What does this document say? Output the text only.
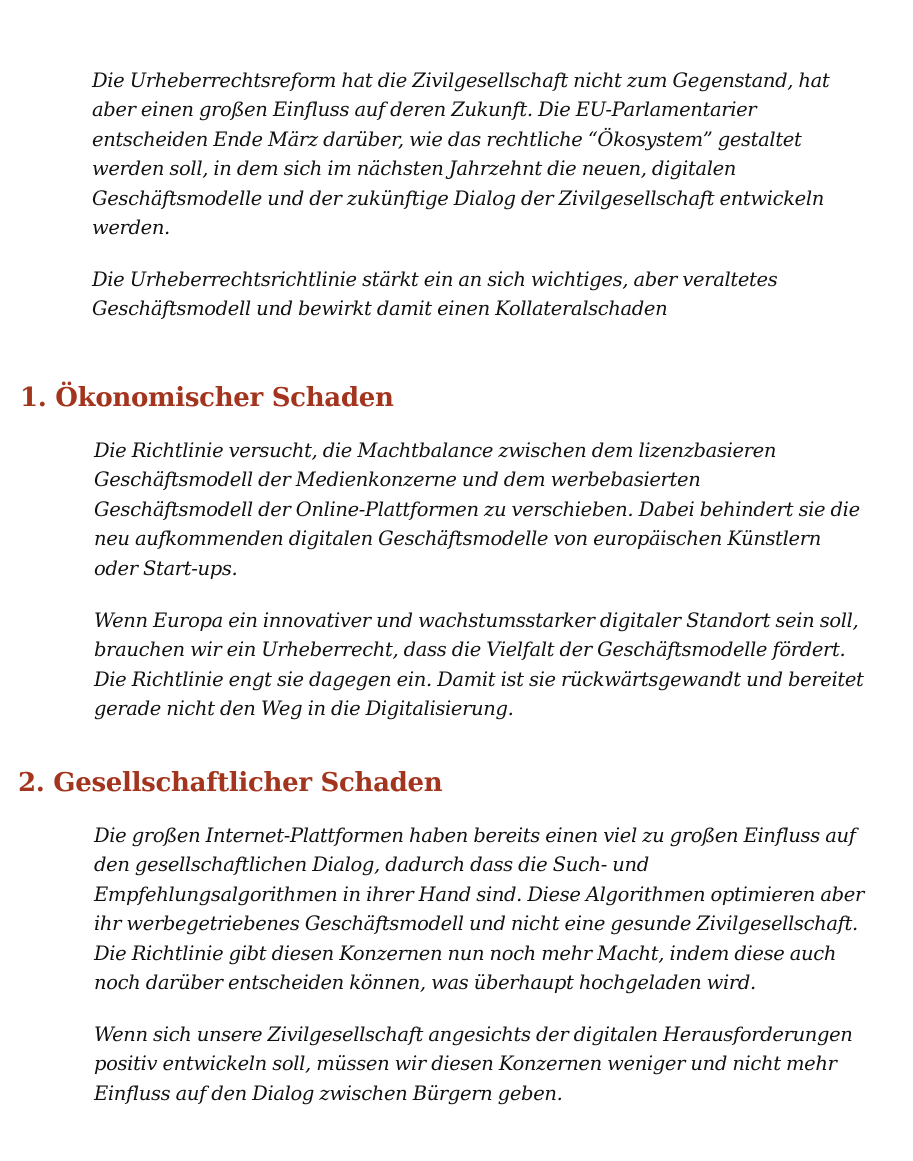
Die Urheberrechtsreform hat die Zivilgesellschaft nicht zum Gegenstand, hat aber einen großen Einfluss auf deren Zukunft. Die EU-Parlamentarier entscheiden Ende März darüber, wie das rechtliche “Ökosystem” gestaltet werden soll, in dem sich im nächsten Jahrzehnt die neuen, digitalen Geschäftsmodelle und der zukünftige Dialog der Zivilgesellschaft entwickeln werden.

Die Urheberrechtsrichtlinie stärkt ein an sich wichtiges, aber veraltetes Geschäftsmodell und bewirkt damit einen Kollateralschaden

1. Ökonomischer Schaden

Die Richtlinie versucht, die Machtbalance zwischen dem lizenzbasieren Geschäftsmodell der Medienkonzerne und dem werbebasierten Geschäftsmodell der Online-Plattformen zu verschieben. Dabei behindert sie die neu aufkommenden digitalen Geschäftsmodelle von europäischen Künstlern oder Start-ups.

Wenn Europa ein innovativer und wachstumsstarker digitaler Standort sein soll, brauchen wir ein Urheberrecht, dass die Vielfalt der Geschäftsmodelle fördert. Die Richtlinie engt sie dagegen ein. Damit ist sie rückwärtsgewandt und bereitet gerade nicht den Weg in die Digitalisierung.

2. Gesellschaftlicher Schaden

Die großen Internet-Plattformen haben bereits einen viel zu großen Einfluss auf den gesellschaftlichen Dialog, dadurch dass die Such- und Empfehlungsalgorithmen in ihrer Hand sind. Diese Algorithmen optimieren aber ihr werbegetriebenes Geschäftsmodell und nicht eine gesunde Zivilgesellschaft. Die Richtlinie gibt diesen Konzernen nun noch mehr Macht, indem diese auch noch darüber entscheiden können, was überhaupt hochgeladen wird.

Wenn sich unsere Zivilgesellschaft angesichts der digitalen Herausforderungen positiv entwickeln soll, müssen wir diesen Konzernen weniger und nicht mehr Einfluss auf den Dialog zwischen Bürgern geben.
